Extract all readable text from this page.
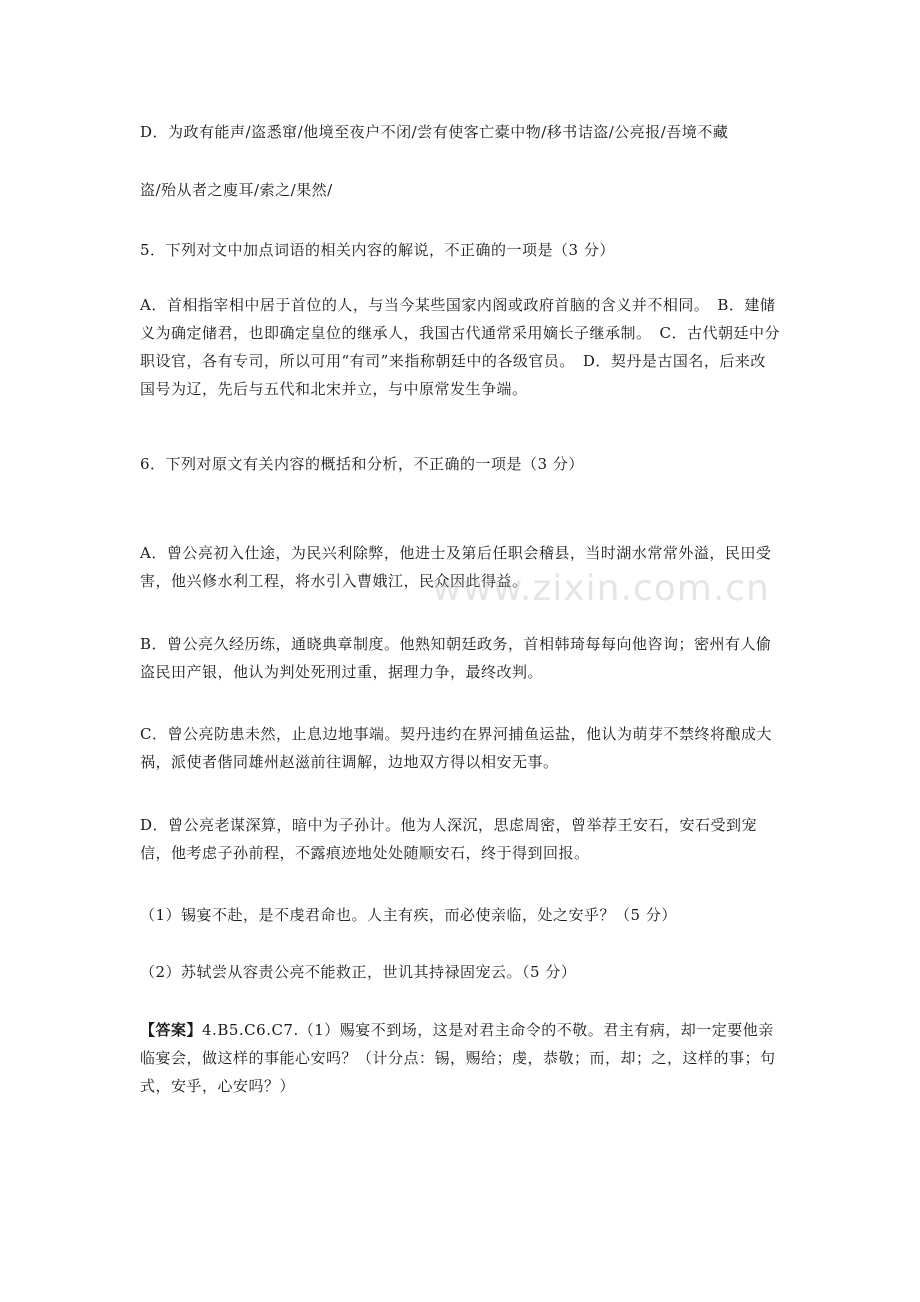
D．为政有能声/盗悉窜/他境至夜户不闭/尝有使客亡橐中物/移书诘盗/公亮报/吾境不藏

盗/殆从者之廋耳/索之/果然/

5．下列对文中加点词语的相关内容的解说，不正确的一项是（3 分）

A．首相指宰相中居于首位的人，与当今某些国家内阁或政府首脑的含义并不相同。　B．建储义为确定储君，也即确定皇位的继承人，我国古代通常采用嫡长子继承制。　C．古代朝廷中分职设官，各有专司，所以可用“有司”来指称朝廷中的各级官员。　D．契丹是古国名，后来改国号为辽，先后与五代和北宋并立，与中原常发生争端。

6．下列对原文有关内容的概括和分析，不正确的一项是（3 分）

A．曾公亮初入仕途，为民兴利除弊，他进士及第后任职会稽县，当时湖水常常外溢，民田受害，他兴修水利工程，将水引入曹娥江，民众因此得益。

B．曾公亮久经历练，通晓典章制度。他熟知朝廷政务，首相韩琦每每向他咨询；密州有人偷盗民田产银，他认为判处死刑过重，据理力争，最终改判。

C．曾公亮防患未然，止息边地事端。契丹违约在界河捕鱼运盐，他认为萌芽不禁终将酿成大祸，派使者偕同雄州赵滋前往调解，边地双方得以相安无事。

D．曾公亮老谋深算，暗中为子孙计。他为人深沉，思虑周密，曾举荐王安石，安石受到宠信，他考虑子孙前程，不露痕迹地处处随顺安石，终于得到回报。

（1）锡宴不赴，是不虔君命也。人主有疾，而必使亲临，处之安乎？（5 分）

（2）苏轼尝从容责公亮不能救正，世讥其持禄固宠云。（5 分）

【答案】4.B5.C6.C7.（1）赐宴不到场，这是对君主命令的不敬。君主有病，却一定要他亲临宴会，做这样的事能心安吗？（计分点：锡，赐给；虔，恭敬；而，却；之，这样的事；句式，安乎，心安吗？）

www.zixin.com.cn
